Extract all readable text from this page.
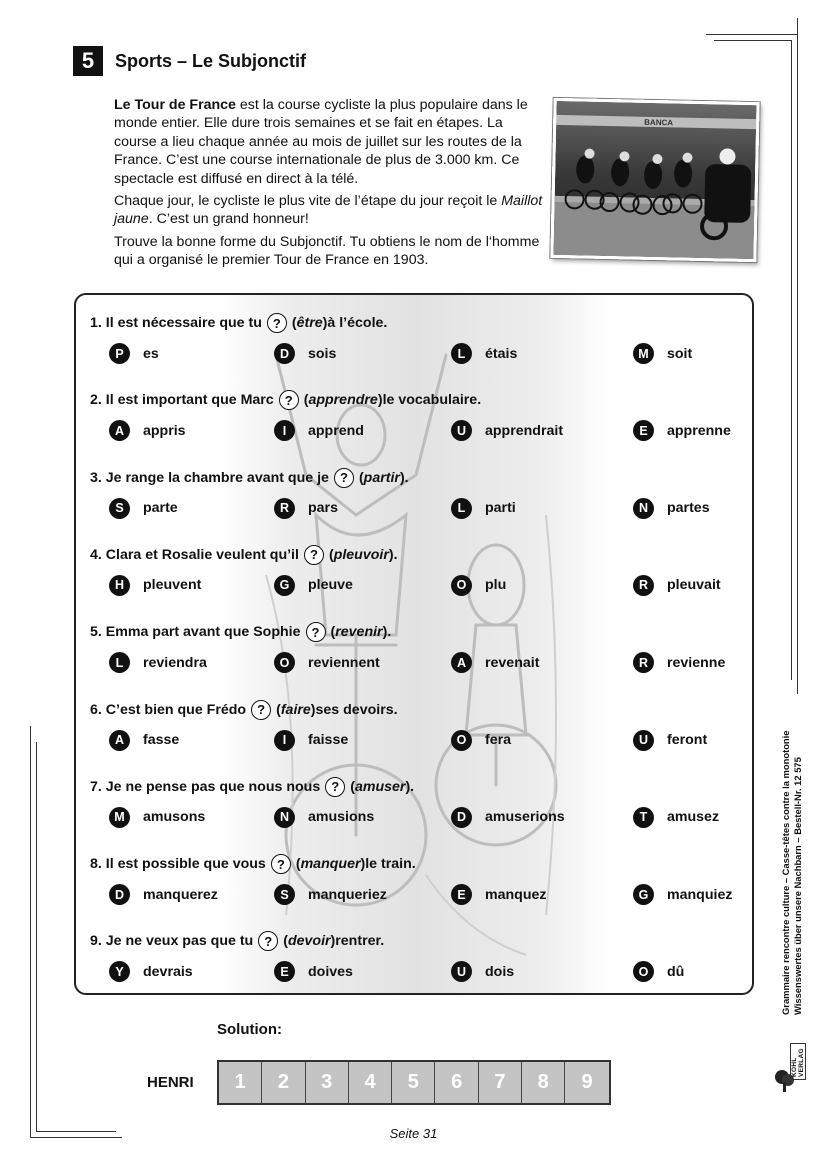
5	Sports – Le Subjonctif

Le Tour de France est la course cycliste la plus populaire dans le monde entier. Elle dure trois semaines et se fait en étapes. La course a lieu chaque année au mois de juillet sur les routes de la France. C’est une course internationale de plus de 3.000 km. Ce spectacle est diffusé en direct à la télé.

Chaque jour, le cycliste le plus vite de l’étape du jour reçoit le Maillot jaune. C’est un grand honneur!

Trouve la bonne forme du Subjonctif. Tu obtiens le nom de l‘homme qui a organisé le premier Tour de France en 1903.

BANCA
1. Il est nécessaire que tu ? (être) à l’école.
P	es	D	sois	L	étais	M	soit
2. Il est important que Marc ? (apprendre) le vocabulaire.
A	appris	I	apprend	U	apprendrait	E	apprenne
3. Je range la chambre avant que je ? (partir) .
S	parte	R	pars	L	parti	N	partes
4. Clara et Rosalie veulent qu’il ? (pleuvoir) .
H	pleuvent	G	pleuve	O	plu	R	pleuvait
5. Emma part avant que Sophie ? (revenir) .
L	reviendra	O	reviennent	A	revenait	R	revienne
6. C’est bien que Frédo ? (faire) ses devoirs.
A	fasse	I	faisse	O	fera	U	feront
7. Je ne pense pas que nous nous ? (amuser) .
M	amusons	N	amusions	D	amuserions	T	amusez
8. Il est possible que vous ? (manquer) le train.
D	manquerez	S	manqueriez	E	manquez	G	manquiez
9. Je ne veux pas que tu ? (devoir) rentrer.
Y	devrais	E	doives	U	dois	O	dû
Solution:
HENRI	1	2	3	4	5	6	7	8	9
Seite 31
Grammaire rencontre culture – Casse-têtes contre la monotonie Wissenswertes über unsere Nachbarn – Bestell-Nr. 12 575
KOHL VERLAG
